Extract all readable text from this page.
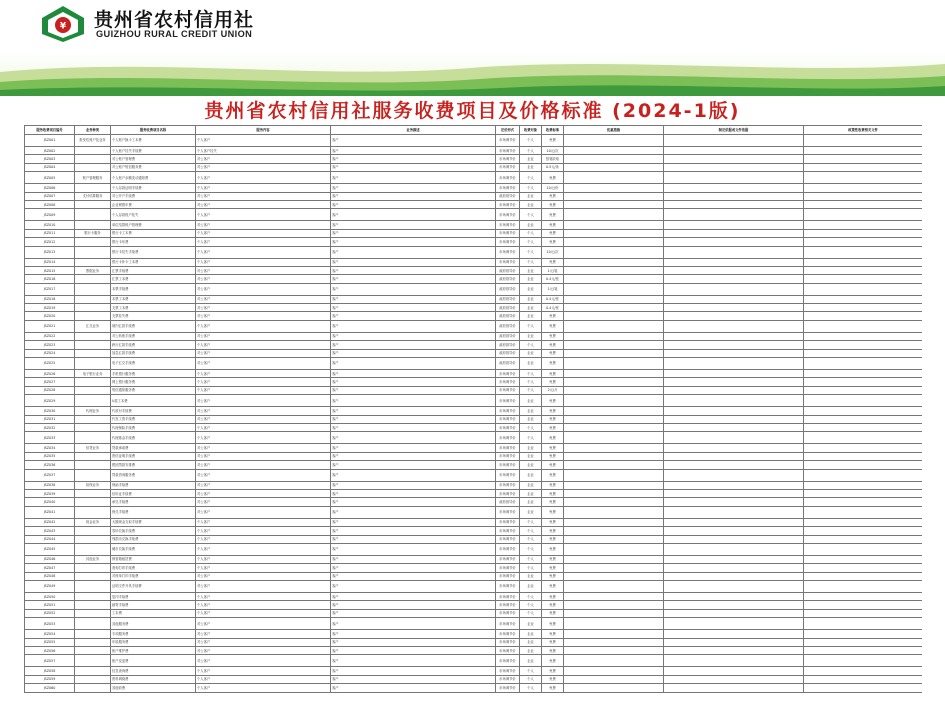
¥ 贵州省农村信用社
GUIZHOU RURAL CREDIT UNION
贵州省农村信用社服务收费项目及价格标准 (2024-1版)
服务收费项目编号	业务种类	服务收费项目名称	服务内容	业务描述	定价形式	收费对象	收费标准	优惠措施	制定依据或文件依据	政策性收费相关文件
JSZ001	批发性账户及业务	个人账户换卡工本费	个人客户	客户	市场调节价	个人	免费			
JSZ002		个人账户挂失手续费	个人客户挂失	客户	市场调节价	个人	10元/次			
JSZ003		对公账户管理费	对公客户	客户	市场调节价	企业	按笔收取			
JSZ004		对公账户短信服务费	对公客户	客户	市场调节价	企业	0.5元/条			
JSZ005	账户管理服务	个人账户余额变动通知费	个人客户	客户	市场调节价	个人	免费			
JSZ006		个人存款证明手续费	个人客户	客户	市场调节价	个人	10元/份			
JSZ007	支付结算服务	对公开户手续费	对公客户	客户	政府指导价	企业	免费			
JSZ008		企业网银年费	对公客户	客户	市场调节价	企业	免费			
JSZ009		个人存款账户挂失	个人客户	客户	市场调节价	个人	免费			
JSZ010		单位结算账户管理费	对公客户	客户	市场调节价	企业	免费			
JSZ011	银行卡服务	银行卡工本费	个人客户	客户	市场调节价	个人	免费			
JSZ012		银行卡年费	个人客户	客户	市场调节价	个人	免费			
JSZ013		银行卡挂失手续费	个人客户	客户	市场调节价	个人	10元/次			
JSZ014		银行卡补卡工本费	个人客户	客户	市场调节价	个人	免费			
JSZ015	票据业务	汇票手续费	对公客户	客户	政府指导价	企业	1元/笔			
JSZ016		汇票工本费	对公客户	客户	政府指导价	企业	0.4元/张			
JSZ017		本票手续费	对公客户	客户	政府指导价	企业	1元/笔			
JSZ018		本票工本费	对公客户	客户	政府指导价	企业	0.4元/张			
JSZ019		支票工本费	对公客户	客户	政府指导价	企业	0.4元/张			
JSZ020		支票挂失费	对公客户	客户	政府指导价	企业	免费			
JSZ021	汇兑业务	境内汇款手续费	个人客户	客户	政府指导价	个人	免费			
JSZ022		对公转账手续费	对公客户	客户	政府指导价	企业	免费			
JSZ023		跨行汇款手续费	个人客户	客户	政府指导价	个人	免费			
JSZ024		加急汇款手续费	对公客户	客户	政府指导价	企业	免费			
JSZ025		电子汇兑手续费	对公客户	客户	政府指导价	企业	免费			
JSZ026	电子银行业务	手机银行服务费	个人客户	客户	市场调节价	个人	免费			
JSZ027		网上银行服务费	个人客户	客户	市场调节价	个人	免费			
JSZ028		短信通知服务费	个人客户	客户	市场调节价	个人	2元/月			
JSZ029		U盾工本费	对公客户	客户	市场调节价	企业	免费			
JSZ030	代理业务	代收付手续费	对公客户	客户	市场调节价	企业	免费			
JSZ031		代发工资手续费	对公客户	客户	市场调节价	企业	免费			
JSZ032		代理保险手续费	个人客户	客户	市场调节价	个人	免费			
JSZ033		代理基金手续费	个人客户	客户	市场调节价	个人	免费			
JSZ034	信贷业务	贷款承诺费	对公客户	客户	市场调节价	企业	免费			
JSZ035		资信证明手续费	对公客户	客户	市场调节价	企业	免费			
JSZ036		银团贷款安排费	对公客户	客户	市场调节价	企业	免费			
JSZ037		贷款咨询服务费	对公客户	客户	市场调节价	企业	免费			
JSZ038	担保业务	保函手续费	对公客户	客户	市场调节价	企业	免费			
JSZ039		信用证手续费	对公客户	客户	市场调节价	企业	免费			
JSZ040		承兑手续费	对公客户	客户	政府指导价	企业	免费			
JSZ041		保兑手续费	对公客户	客户	市场调节价	企业	免费			
JSZ042	现金业务	大额现金支取手续费	个人客户	客户	市场调节价	个人	免费			
JSZ043		零钞兑换手续费	个人客户	客户	市场调节价	个人	免费			
JSZ044		残损币兑换手续费	个人客户	客户	市场调节价	个人	免费			
JSZ045		硬币兑换手续费	个人客户	客户	市场调节价	个人	免费			
JSZ046	其他业务	保管箱租赁费	个人客户	客户	市场调节价	个人	免费			
JSZ047		查询打印手续费	个人客户	客户	市场调节价	个人	免费			
JSZ048		对账单打印手续费	对公客户	客户	市场调节价	企业	免费			
JSZ049		证明文件开具手续费	对公客户	客户	市场调节价	企业	免费			
JSZ050		复印手续费	个人客户	客户	市场调节价	个人	免费			
JSZ051		邮寄手续费	个人客户	客户	市场调节价	个人	免费			
JSZ052		工本费	个人客户	客户	市场调节价	个人	免费			
JSZ053		其他服务费	对公客户	客户	市场调节价	企业	免费			
JSZ054		专项服务费	对公客户	客户	市场调节价	企业	免费			
JSZ055		年检服务费	对公客户	客户	市场调节价	企业	免费			
JSZ056		账户维护费	对公客户	客户	市场调节价	企业	免费			
JSZ057		账户变更费	对公客户	客户	市场调节价	企业	免费			
JSZ058		信息查询费	个人客户	客户	市场调节价	个人	免费			
JSZ059		资料调阅费	个人客户	客户	市场调节价	个人	免费			
JSZ060		其他收费	个人客户	客户	市场调节价	个人	免费			
